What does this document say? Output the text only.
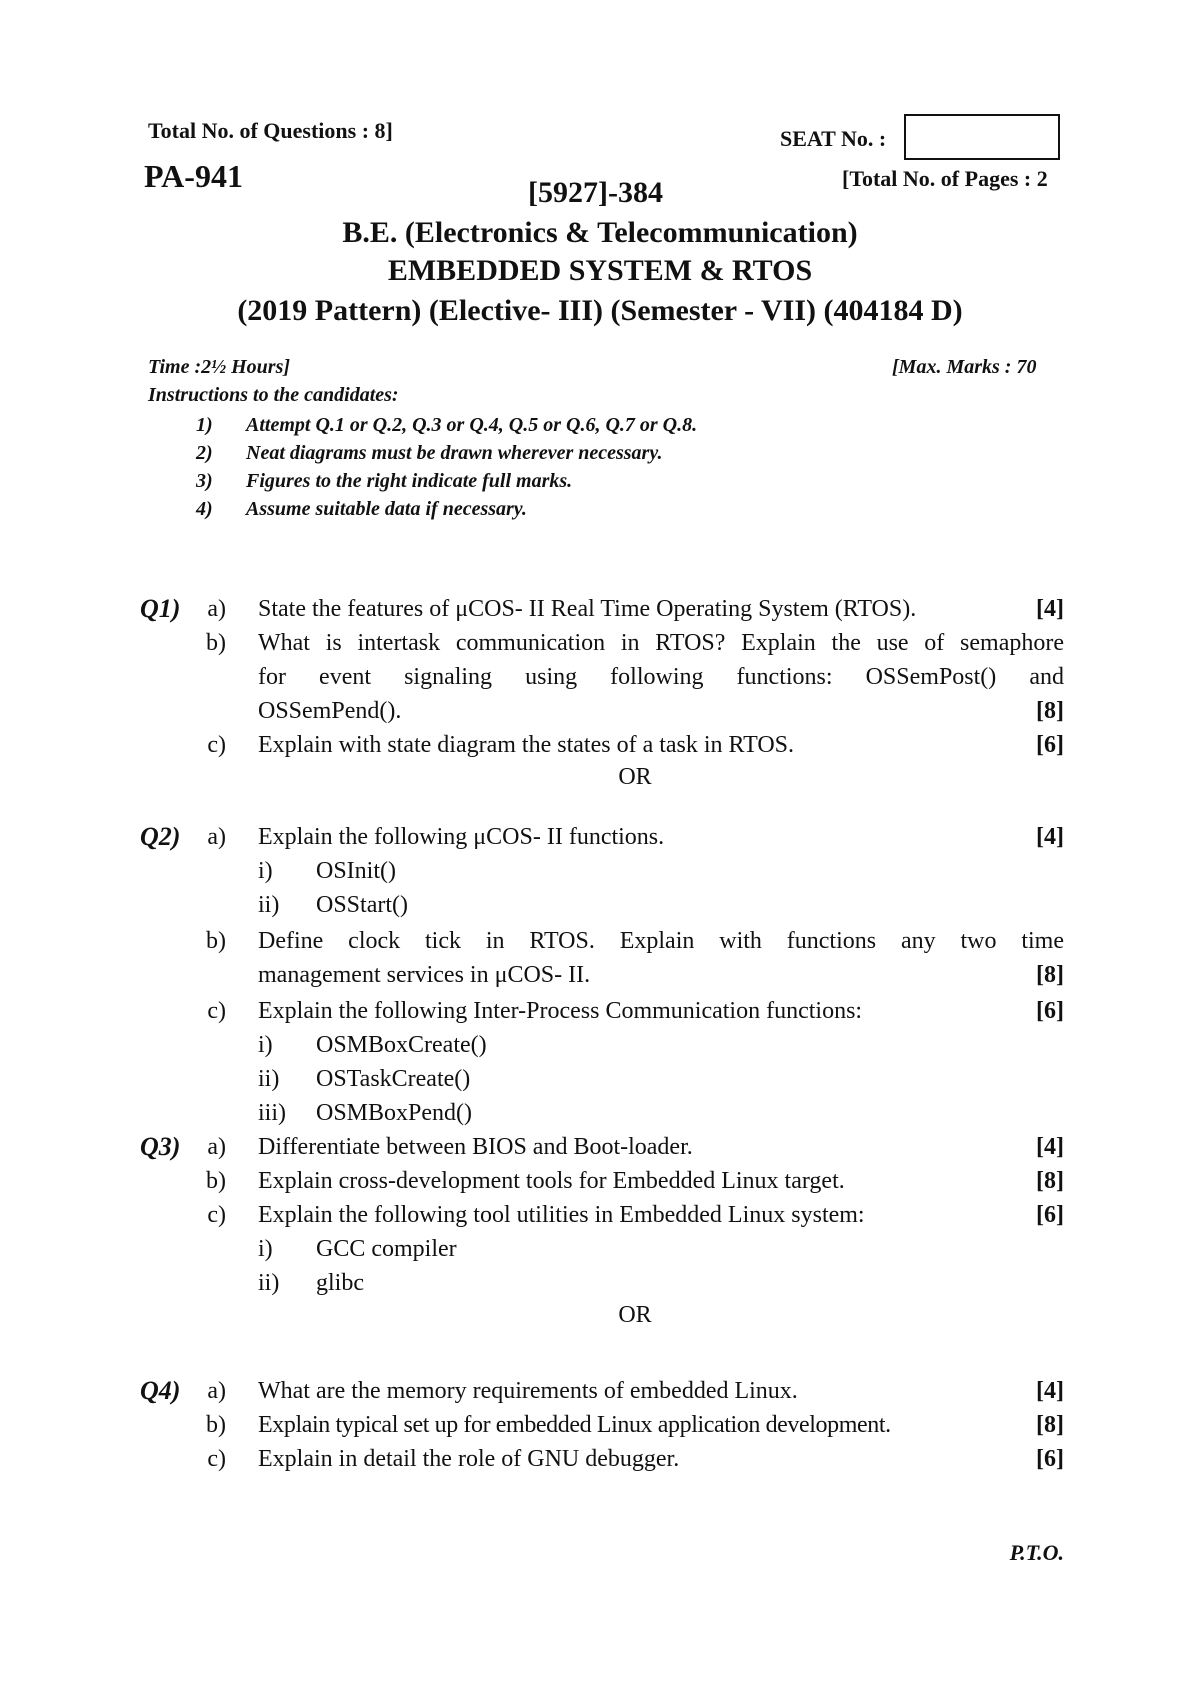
Total No. of Questions : 8]	SEAT No. :
PA-941	[5927]-384	[Total No. of Pages : 2
B.E. (Electronics & Telecommunication)
EMBEDDED SYSTEM & RTOS
(2019 Pattern) (Elective- III) (Semester - VII) (404184 D)
Time :2½ Hours]	[Max. Marks : 70
Instructions to the candidates:
1) Attempt Q.1 or Q.2, Q.3 or Q.4, Q.5 or Q.6, Q.7 or Q.8.
2) Neat diagrams must be drawn wherever necessary.
3) Figures to the right indicate full marks.
4) Assume suitable data if necessary.
Q1)	a) State the features of μCOS- II Real Time Operating System (RTOS).	[4]
b) What is intertask communication in RTOS? Explain the use of semaphore
for event signaling using following functions: OSSemPost() and
OSSemPend().	[8]
c) Explain with state diagram the states of a task in RTOS.	[6]
OR
Q2)	a) Explain the following μCOS- II functions.	[4]
i) OSInit()
ii) OSStart()
b) Define clock tick in RTOS. Explain with functions any two time
management services in μCOS- II.	[8]
c) Explain the following Inter-Process Communication functions:	[6]
i) OSMBoxCreate()
ii) OSTaskCreate()
iii) OSMBoxPend()
Q3)	a) Differentiate between BIOS and Boot-loader.	[4]
b) Explain cross-development tools for Embedded Linux target.	[8]
c) Explain the following tool utilities in Embedded Linux system:	[6]
i) GCC compiler
ii) glibc
OR
Q4)	a) What are the memory requirements of embedded Linux.	[4]
b) Explain typical set up for embedded Linux application development.	[8]
c) Explain in detail the role of GNU debugger.	[6]
P.T.O.
